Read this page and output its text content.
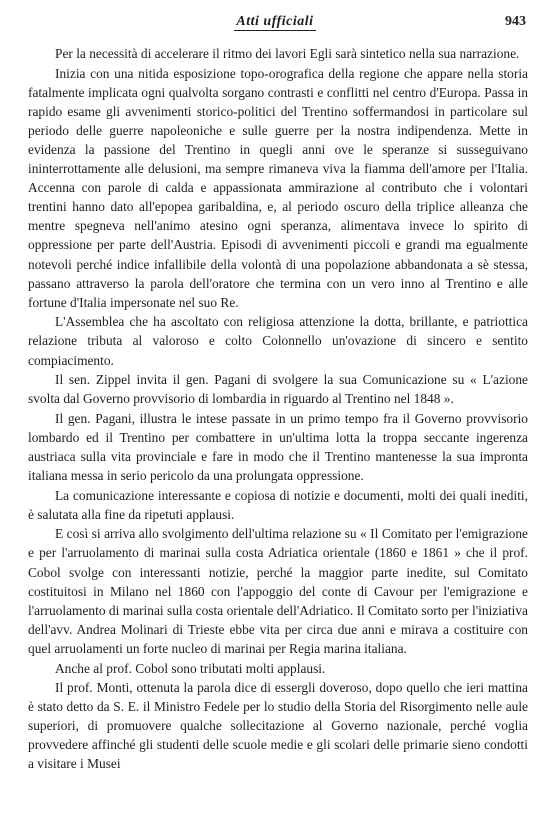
Atti ufficiali	943

Per la necessità di accelerare il ritmo dei lavori Egli sarà sintetico nella sua narrazione.

Inizia con una nitida esposizione topo-orografica della regione che appare nella storia fatalmente implicata ogni qualvolta sorgano contrasti e conflitti nel centro d'Europa. Passa in rapido esame gli avvenimenti storico-politici del Trentino soffermandosi in particolare sul periodo delle guerre napoleoniche e sulle guerre per la nostra indipendenza. Mette in evidenza la passione del Trentino in quegli anni ove le speranze si susseguivano ininterrottamente alle delusioni, ma sempre rimaneva viva la fiamma dell'amore per l'Italia. Accenna con parole di calda e appassionata ammirazione al contributo che i volontari trentini hanno dato all'epopea garibaldina, e, al periodo oscuro della triplice alleanza che mentre spegneva nell'animo atesino ogni speranza, alimentava invece lo spirito di oppressione per parte dell'Austria. Episodi di avvenimenti piccoli e grandi ma egualmente notevoli perché indice infallibile della volontà di una popolazione abbandonata a sè stessa, passano attraverso la parola dell'oratore che termina con un vero inno al Trentino e alle fortune d'Italia impersonate nel suo Re.

L'Assemblea che ha ascoltato con religiosa attenzione la dotta, brillante, e patriottica relazione tributa al valoroso e colto Colonnello un'ovazione di sincero e sentito compiacimento.

Il sen. Zippel invita il gen. Pagani di svolgere la sua Comunicazione su « L'azione svolta dal Governo provvisorio di lombardia in riguardo al Trentino nel 1848 ».

Il gen. Pagani, illustra le intese passate in un primo tempo fra il Governo provvisorio lombardo ed il Trentino per combattere in un'ultima lotta la troppa seccante ingerenza austriaca sulla vita provinciale e fare in modo che il Trentino mantenesse la sua impronta italiana messa in serio pericolo da una prolungata oppressione.

La comunicazione interessante e copiosa di notizie e documenti, molti dei quali inediti, è salutata alla fine da ripetuti applausi.

E così si arriva allo svolgimento dell'ultima relazione su « Il Comitato per l'emigrazione e per l'arruolamento di marinai sulla costa Adriatica orientale (1860 e 1861 » che il prof. Cobol svolge con interessanti notizie, perché la maggior parte inedite, sul Comitato costituitosi in Milano nel 1860 con l'appoggio del conte di Cavour per l'emigrazione e l'arruolamento di marinai sulla costa orientale dell'Adriatico. Il Comitato sorto per l'iniziativa dell'avv. Andrea Molinari di Trieste ebbe vita per circa due anni e mirava a costituire con quel arruolamenti un forte nucleo di marinai per Regia marina italiana.

Anche al prof. Cobol sono tributati molti applausi.

Il prof. Monti, ottenuta la parola dice di essergli doveroso, dopo quello che ieri mattina è stato detto da S. E. il Ministro Fedele per lo studio della Storia del Risorgimento nelle aule superiori, di promuovere qualche sollecitazione al Governo nazionale, perché voglia provvedere affinché gli studenti delle scuole medie e gli scolari delle primarie sieno condotti a visitare i Musei
